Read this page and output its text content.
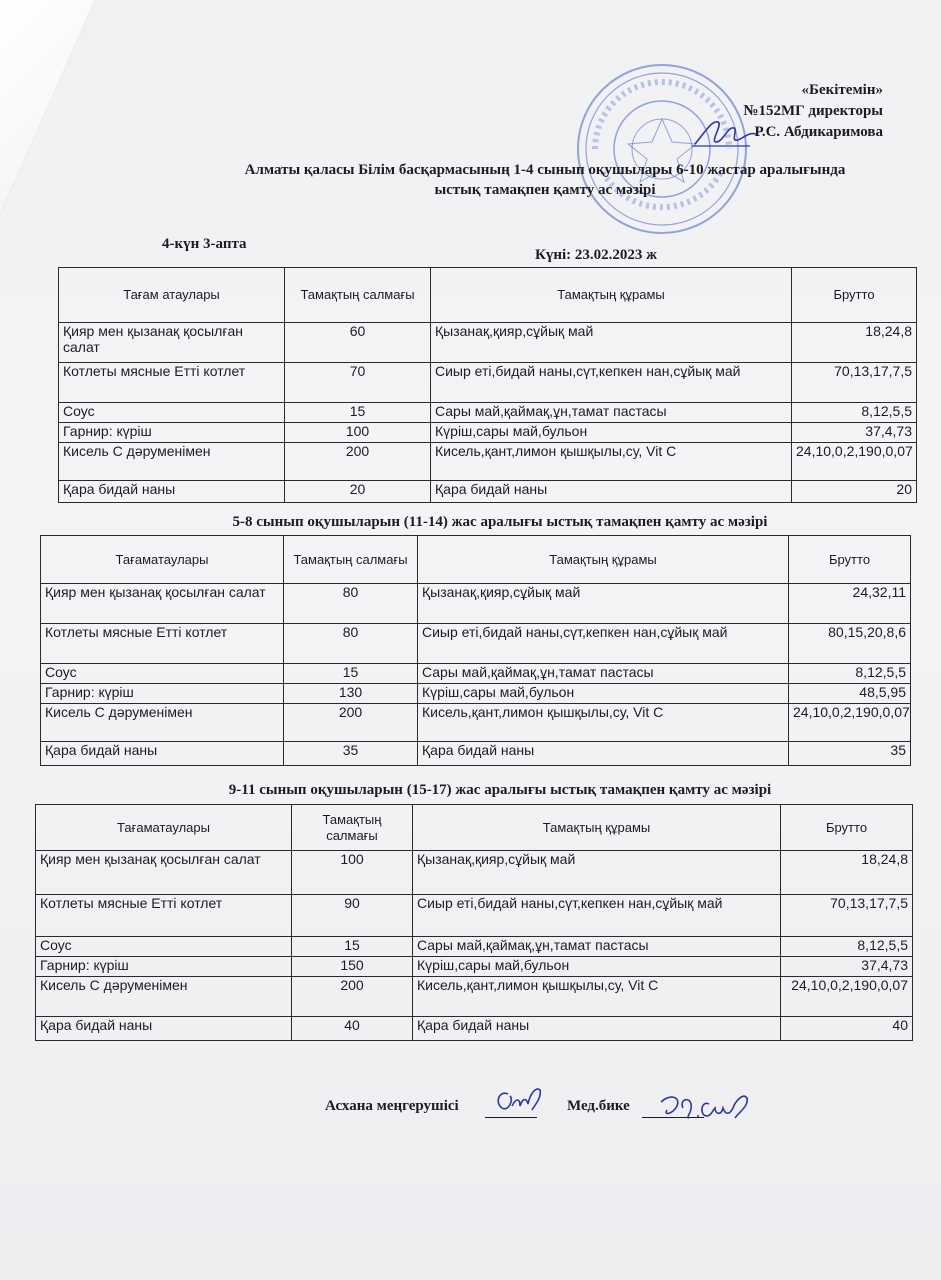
«Бекітемін»
№152МГ директоры
Р.С. Абдикаримова
Алматы қаласы Білім басқармасының 1-4 сынып оқушылары 6-10 жастар аралығында
ыстық тамақпен қамту ас мәзірі
4-күн 3-апта
Күні: 23.02.2023 ж
Тағам атаулары	Тамақтың салмағы	Тамақтың құрамы	Брутто
Қияр мен қызанақ қосылған салат	60	Қызанақ,қияр,сұйық май	18,24,8
Котлеты мясные Етті котлет	70	Сиыр еті,бидай наны,сүт,кепкен нан,сұйық май	70,13,17,7,5
Соус	15	Сары май,қаймақ,ұн,тамат пастасы	8,12,5,5
Гарнир: күріш	100	Күріш,сары май,бульон	37,4,73
Кисель С дәруменімен	200	Кисель,қант,лимон қышқылы,су, Vit C	24,10,0,2,190,0,07
Қара бидай наны	20	Қара бидай наны	20
5-8 сынып оқушыларын (11-14) жас аралығы ыстық тамақпен қамту ас мәзірі
Тағаматаулары	Тамақтың салмағы	Тамақтың құрамы	Брутто
Қияр мен қызанақ қосылған салат	80	Қызанақ,қияр,сұйық май	24,32,11
Котлеты мясные Етті котлет	80	Сиыр еті,бидай наны,сүт,кепкен нан,сұйық май	80,15,20,8,6
Соус	15	Сары май,қаймақ,ұн,тамат пастасы	8,12,5,5
Гарнир: күріш	130	Күріш,сары май,бульон	48,5,95
Кисель С дәруменімен	200	Кисель,қант,лимон қышқылы,су, Vit C	24,10,0,2,190,0,07
Қара бидай наны	35	Қара бидай наны	35
9-11 сынып оқушыларын (15-17) жас аралығы ыстық тамақпен қамту ас мәзірі
Тағаматаулары	Тамақтың салмағы	Тамақтың құрамы	Брутто
Қияр мен қызанақ қосылған салат	100	Қызанақ,қияр,сұйық май	18,24,8
Котлеты мясные Етті котлет	90	Сиыр еті,бидай наны,сүт,кепкен нан,сұйық май	70,13,17,7,5
Соус	15	Сары май,қаймақ,ұн,тамат пастасы	8,12,5,5
Гарнир: күріш	150	Күріш,сары май,бульон	37,4,73
Кисель С дәруменімен	200	Кисель,қант,лимон қышқылы,су, Vit C	24,10,0,2,190,0,07
Қара бидай наны	40	Қара бидай наны	40
Асхана меңгерушісі	Мед.бике
